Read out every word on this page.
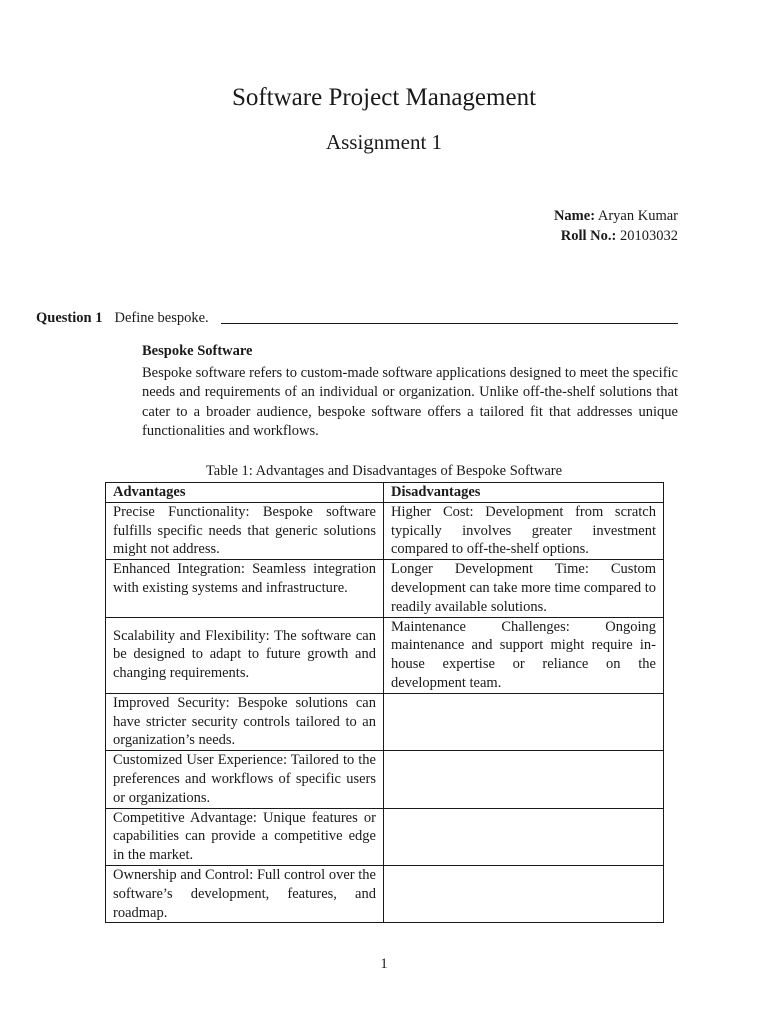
Software Project Management
Assignment 1
Name: Aryan Kumar
Roll No.: 20103032
Question 1 Define bespoke.
Bespoke Software

Bespoke software refers to custom-made software applications designed to meet the specific needs and requirements of an individual or organization. Unlike off-the-shelf solutions that cater to a broader audience, bespoke software offers a tailored fit that addresses unique functionalities and workflows.

Table 1: Advantages and Disadvantages of Bespoke Software
Advantages	Disadvantages
Precise Functionality: Bespoke software fulfills specific needs that generic solutions might not address.	Higher Cost: Development from scratch typically involves greater investment compared to off-the-shelf options.
Enhanced Integration: Seamless integration with existing systems and infrastructure.	Longer Development Time: Custom development can take more time compared to readily available solutions.
Scalability and Flexibility: The software can be designed to adapt to future growth and changing requirements.	Maintenance Challenges: Ongoing maintenance and support might require in-house expertise or reliance on the development team.
Improved Security: Bespoke solutions can have stricter security controls tailored to an organization’s needs.	
Customized User Experience: Tailored to the preferences and workflows of specific users or organizations.	
Competitive Advantage: Unique features or capabilities can provide a competitive edge in the market.	
Ownership and Control: Full control over the software’s development, features, and roadmap.	
1
